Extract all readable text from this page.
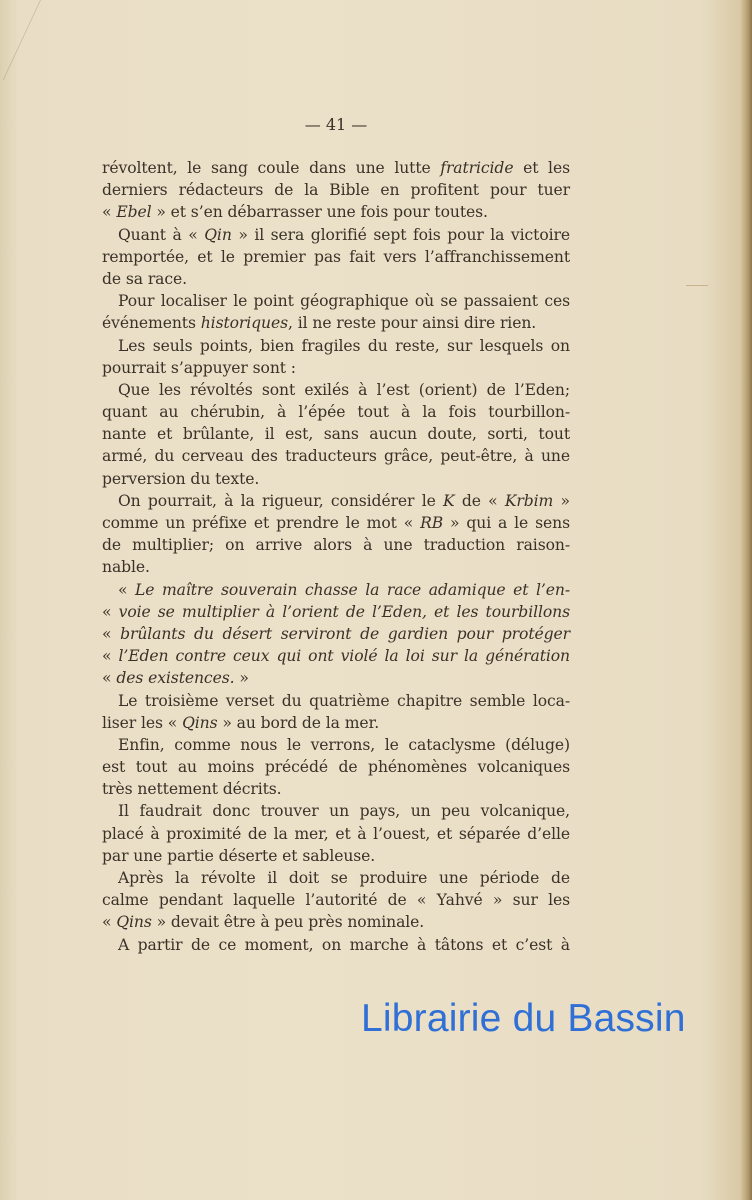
— 41 —
révoltent, le sang coule dans une lutte fratricide et les
derniers rédacteurs de la Bible en profitent pour tuer
« Ebel » et s’en débarrasser une fois pour toutes.
Quant à « Qin » il sera glorifié sept fois pour la victoire
remportée, et le premier pas fait vers l’affranchissement
de sa race.
Pour localiser le point géographique où se passaient ces
événements historiques, il ne reste pour ainsi dire rien.
Les seuls points, bien fragiles du reste, sur lesquels on
pourrait s’appuyer sont :
Que les révoltés sont exilés à l’est (orient) de l’Eden;
quant au chérubin, à l’épée tout à la fois tourbillon-
nante et brûlante, il est, sans aucun doute, sorti, tout
armé, du cerveau des traducteurs grâce, peut-être, à une
perversion du texte.
On pourrait, à la rigueur, considérer le K de « Krbim »
comme un préfixe et prendre le mot « RB » qui a le sens
de multiplier; on arrive alors à une traduction raison-
nable.
« Le maître souverain chasse la race adamique et l’en-
« voie se multiplier à l’orient de l’Eden, et les tourbillons
« brûlants du désert serviront de gardien pour protéger
« l’Eden contre ceux qui ont violé la loi sur la génération
« des existences. »
Le troisième verset du quatrième chapitre semble loca-
liser les « Qins » au bord de la mer.
Enfin, comme nous le verrons, le cataclysme (déluge)
est tout au moins précédé de phénomènes volcaniques
très nettement décrits.
Il faudrait donc trouver un pays, un peu volcanique,
placé à proximité de la mer, et à l’ouest, et séparée d’elle
par une partie déserte et sableuse.
Après la révolte il doit se produire une période de
calme pendant laquelle l’autorité de « Yahvé » sur les
« Qins » devait être à peu près nominale.
A partir de ce moment, on marche à tâtons et c’est à
Librairie du Bassin
